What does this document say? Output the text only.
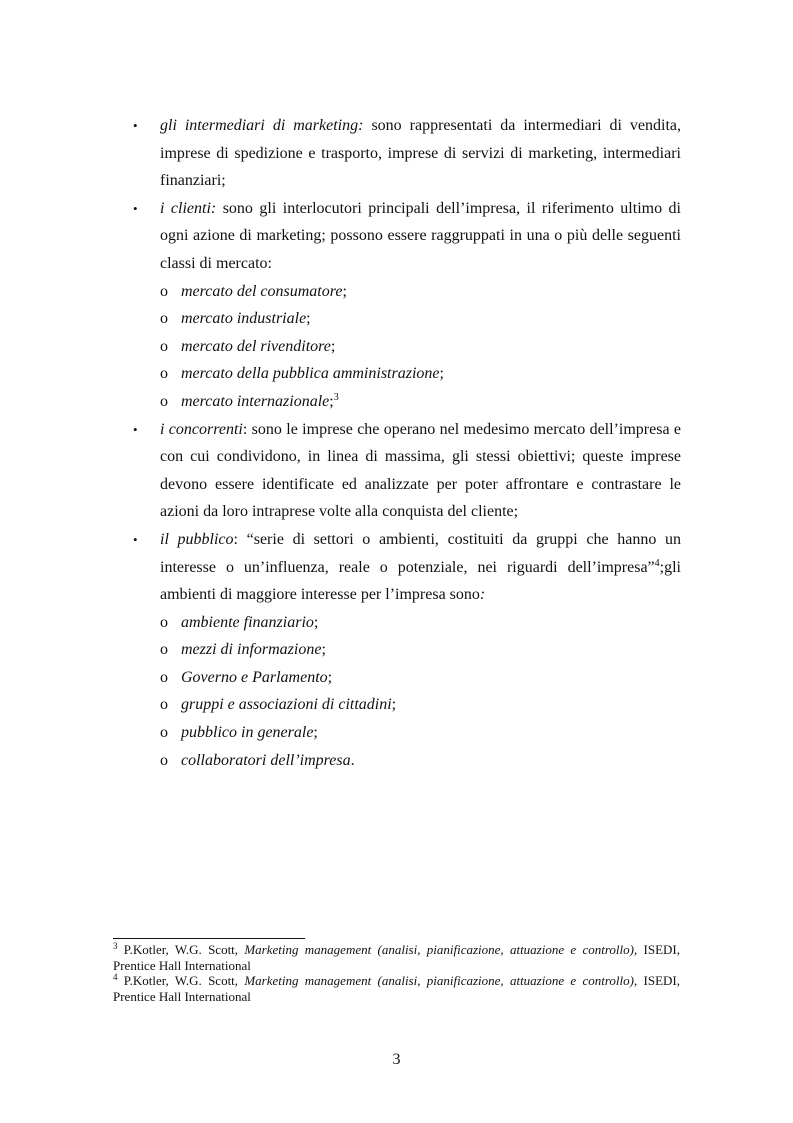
• gli intermediari di marketing: sono rappresentati da intermediari di vendita, imprese di spedizione e trasporto, imprese di servizi di marketing, intermediari finanziari;
• i clienti: sono gli interlocutori principali dell’impresa, il riferimento ultimo di ogni azione di marketing; possono essere raggruppati in una o più delle seguenti classi di mercato:
o mercato del consumatore;
o mercato industriale;
o mercato del rivenditore;
o mercato della pubblica amministrazione;
o mercato internazionale;$^3$
• i concorrenti: sono le imprese che operano nel medesimo mercato dell’impresa e con cui condividono, in linea di massima, gli stessi obiettivi; queste imprese devono essere identificate ed analizzate per poter affrontare e contrastare le azioni da loro intraprese volte alla conquista del cliente;
• il pubblico: “serie di settori o ambienti, costituiti da gruppi che hanno un interesse o un’influenza, reale o potenziale, nei riguardi dell’impresa”$^4$;gli ambienti di maggiore interesse per l’impresa sono:
o ambiente finanziario;
o mezzi di informazione;
o Governo e Parlamento;
o gruppi e associazioni di cittadini;
o pubblico in generale;
o collaboratori dell’impresa.
$^3$ P.Kotler, W.G. Scott, Marketing management (analisi, pianificazione, attuazione e controllo), ISEDI, Prentice Hall International
$^4$ P.Kotler, W.G. Scott, Marketing management (analisi, pianificazione, attuazione e controllo), ISEDI, Prentice Hall International
3
